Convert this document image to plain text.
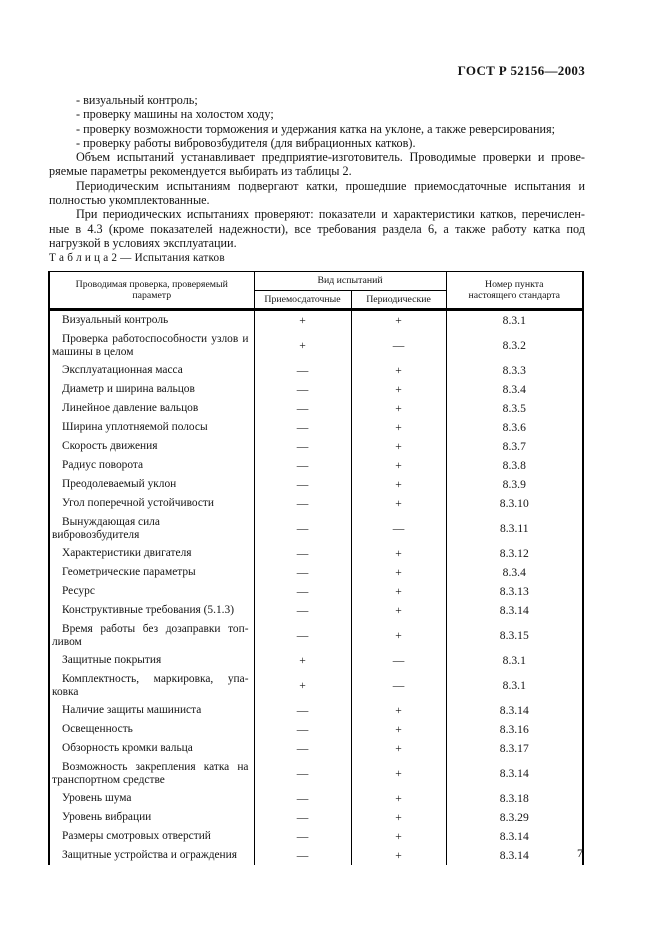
ГОСТ Р 52156—2003
- визуальный контроль;
- проверку машины на холостом ходу;
- проверку возможности торможения и удержания катка на уклоне, а также реверсирования;
- проверку работы вибровозбудителя (для вибрационных катков).
Объем испытаний устанавливает предприятие-изготовитель. Проводимые проверки и прове-
ряемые параметры рекомендуется выбирать из таблицы 2.
Периодическим испытаниям подвергают катки, прошедшие приемосдаточные испытания и
полностью укомплектованные.
При периодических испытаниях проверяют: показатели и характеристики катков, перечислен-
ные в 4.3 (кроме показателей надежности), все требования раздела 6, а также работу катка под
нагрузкой в условиях эксплуатации.
Т а б л и ц а 2 — Испытания катков
Проводимая проверка, проверяемый
параметр

Вид испытаний	Номер пункта
настоящего стандарта

	Приемосдаточные	Периодические	

Визуальный контроль	+	+	8.3.1

Проверка работоспособности узлов и
машины в целом	+	—	8.3.2

Эксплуатационная масса	—	+	8.3.3

Диаметр и ширина вальцов	—	+	8.3.4

Линейное давление вальцов	—	+	8.3.5

Ширина уплотняемой полосы	—	+	8.3.6

Скорость движения	—	+	8.3.7

Радиус поворота	—	+	8.3.8

Преодолеваемый уклон	—	+	8.3.9

Угол поперечной устойчивости	—	+	8.3.10

Вынуждающая сила вибровозбудителя	—	—	8.3.11

Характеристики двигателя	—	+	8.3.12

Геометрические параметры	—	+	8.3.4

Ресурс	—	+	8.3.13

Конструктивные требования (5.1.3)	—	+	8.3.14

Время работы без дозаправки топ-
ливом	—	+	8.3.15

Защитные покрытия	+	—	8.3.1

Комплектность, маркировка, упа-
ковка	+	—	8.3.1

Наличие защиты машиниста	—	+	8.3.14

Освещенность	—	+	8.3.16

Обзорность кромки вальца	—	+	8.3.17

Возможность закрепления катка на
транспортном средстве	—	+	8.3.14

Уровень шума	—	+	8.3.18

Уровень вибрации	—	+	8.3.29

Размеры смотровых отверстий	—	+	8.3.14

Защитные устройства и ограждения	—	+	8.3.14	7
